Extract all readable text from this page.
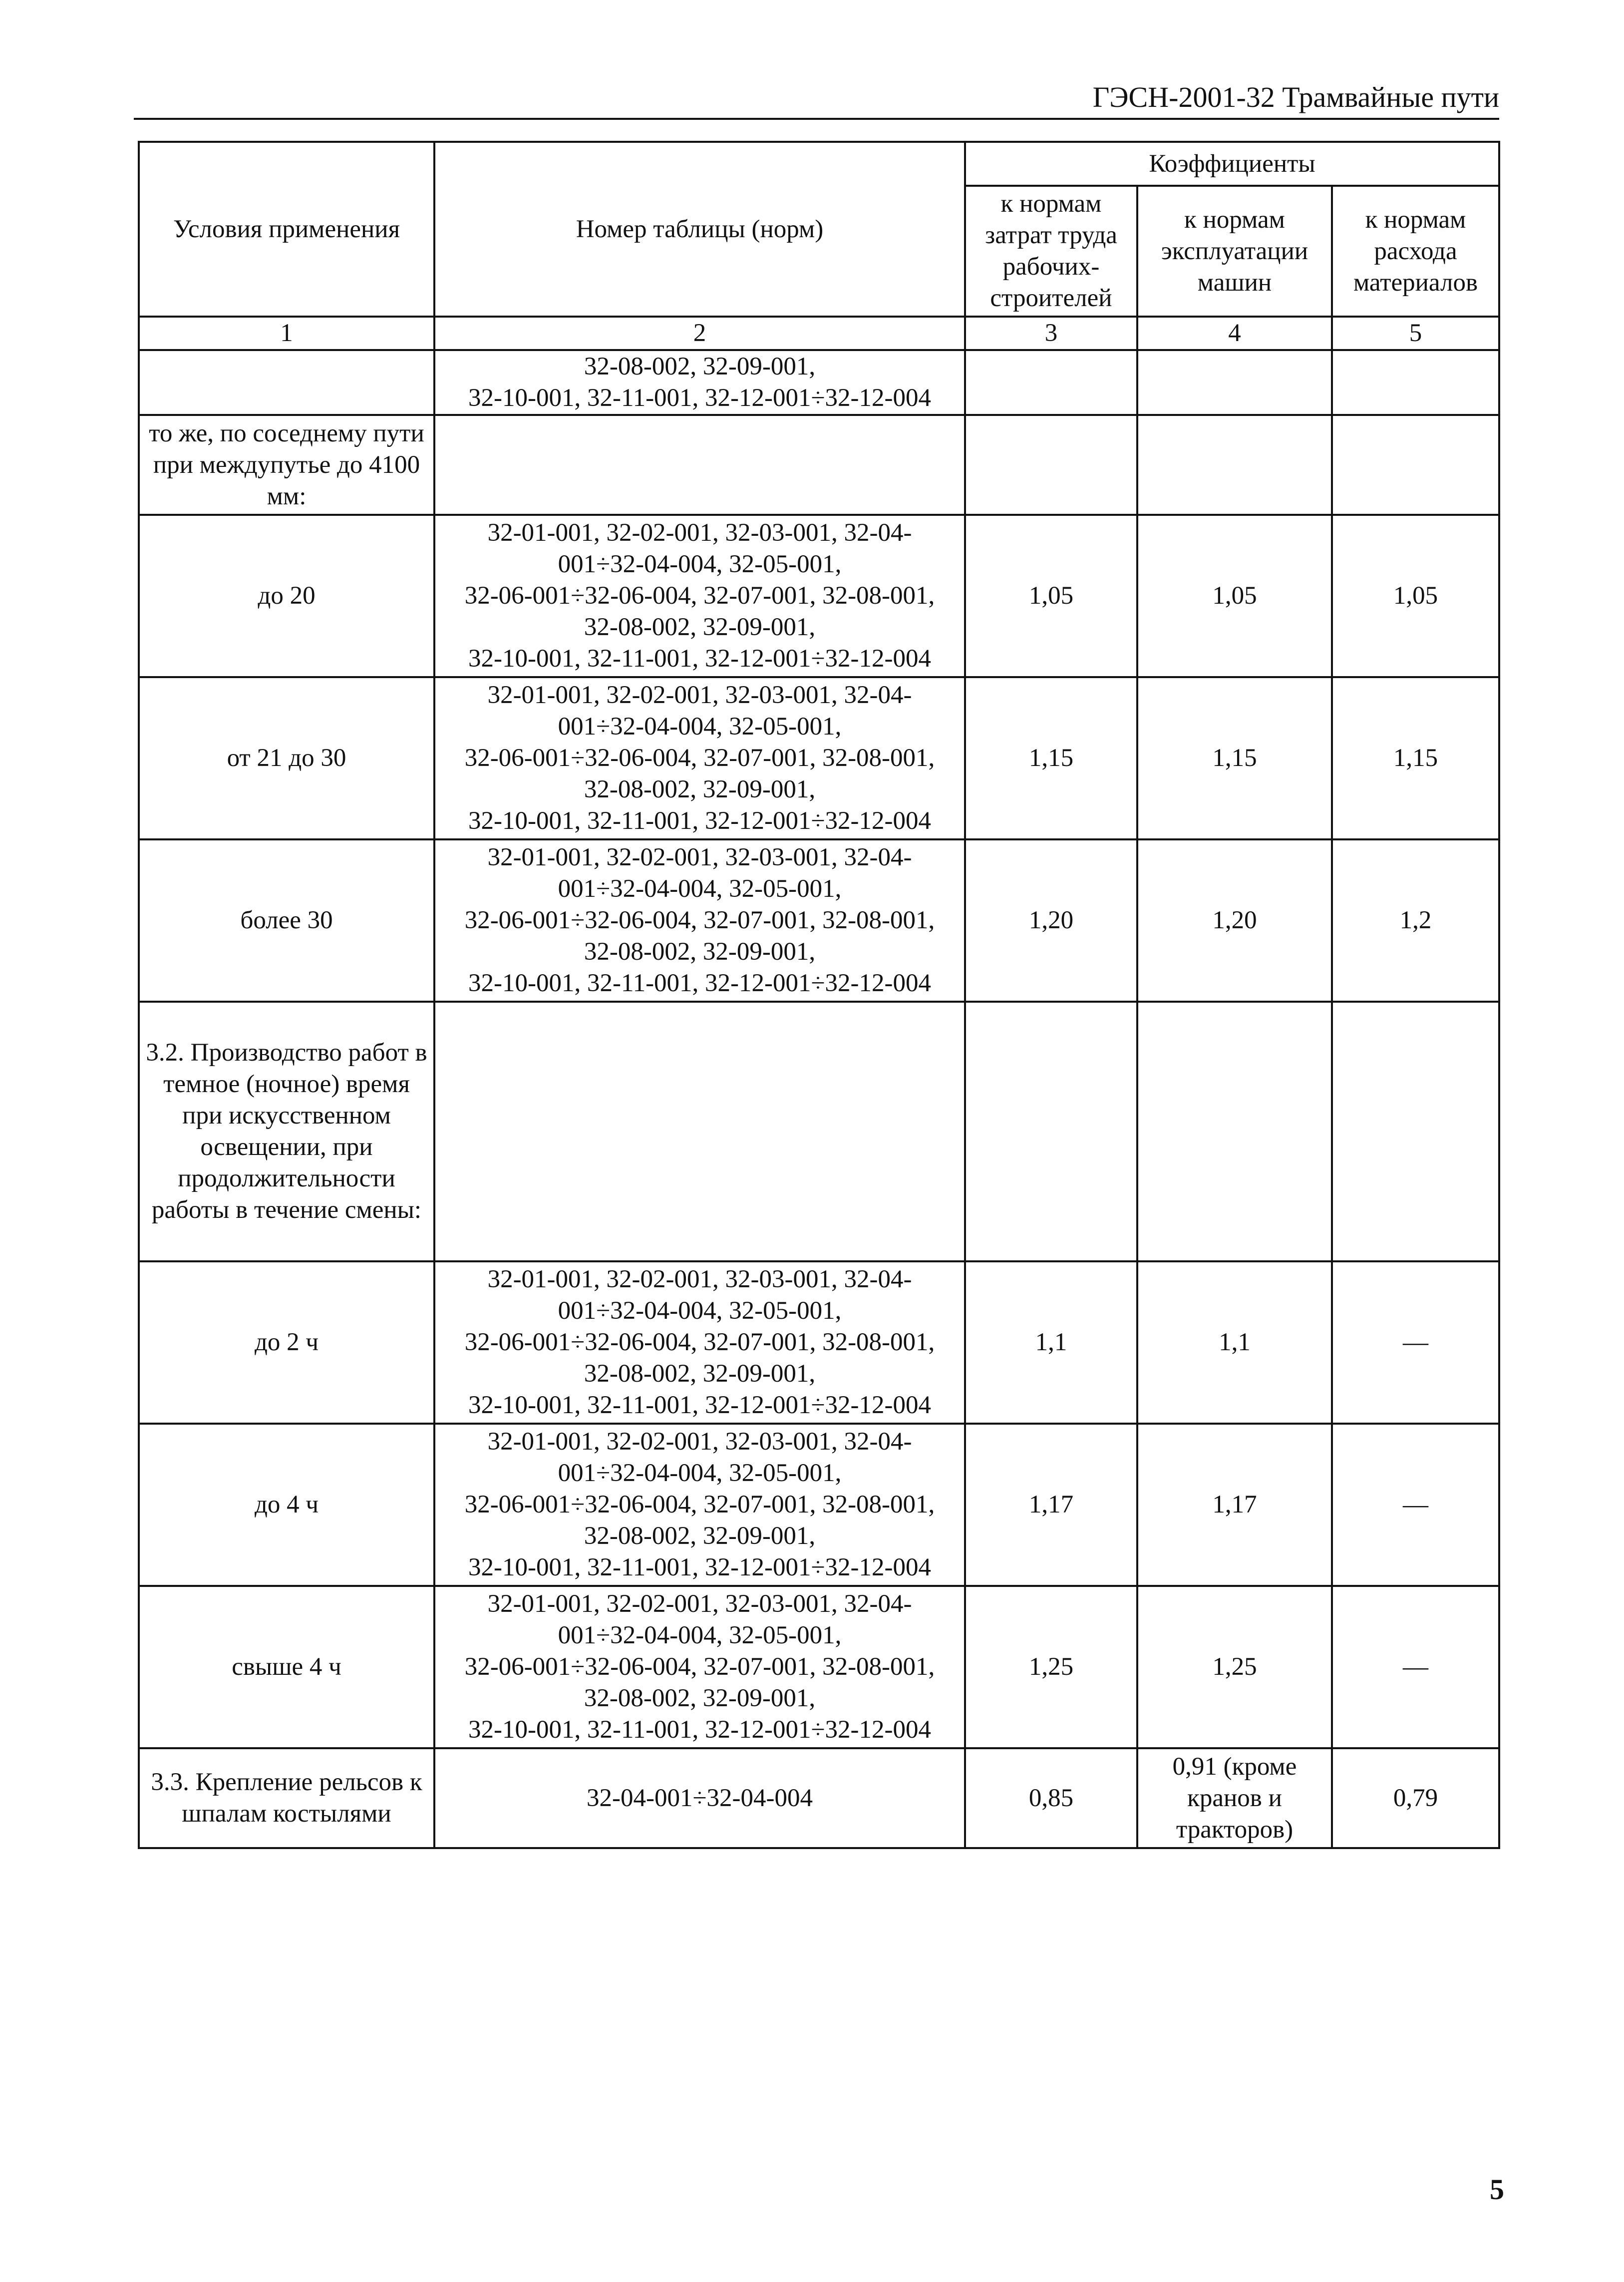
ГЭСН-2001-32 Трамвайные пути
Условия применения	Номер таблицы (норм)	Коэффициенты		
		к нормам затрат труда рабочих-строителей	к нормам эксплуатации машин	к нормам расхода материалов
1	2	3	4	5
	32-08-002, 32-09-001,
32-10-001, 32-11-001, 32-12-001÷32-12-004			
то же, по соседнему пути при междупутье до 4100 мм:				
до 20	32-01-001, 32-02-001, 32-03-001, 32-04-
001÷32-04-004, 32-05-001,
32-06-001÷32-06-004, 32-07-001, 32-08-001,
32-08-002, 32-09-001,
32-10-001, 32-11-001, 32-12-001÷32-12-004	1,05	1,05	1,05
от 21 до 30	32-01-001, 32-02-001, 32-03-001, 32-04-
001÷32-04-004, 32-05-001,
32-06-001÷32-06-004, 32-07-001, 32-08-001,
32-08-002, 32-09-001,
32-10-001, 32-11-001, 32-12-001÷32-12-004	1,15	1,15	1,15
более 30	32-01-001, 32-02-001, 32-03-001, 32-04-
001÷32-04-004, 32-05-001,
32-06-001÷32-06-004, 32-07-001, 32-08-001,
32-08-002, 32-09-001,
32-10-001, 32-11-001, 32-12-001÷32-12-004	1,20	1,20	1,2
3.2. Производство работ в темное (ночное) время при искусственном освещении, при продолжительности работы в течение смены:				
до 2 ч	32-01-001, 32-02-001, 32-03-001, 32-04-
001÷32-04-004, 32-05-001,
32-06-001÷32-06-004, 32-07-001, 32-08-001,
32-08-002, 32-09-001,
32-10-001, 32-11-001, 32-12-001÷32-12-004	1,1	1,1	—
до 4 ч	32-01-001, 32-02-001, 32-03-001, 32-04-
001÷32-04-004, 32-05-001,
32-06-001÷32-06-004, 32-07-001, 32-08-001,
32-08-002, 32-09-001,
32-10-001, 32-11-001, 32-12-001÷32-12-004	1,17	1,17	—
свыше 4 ч	32-01-001, 32-02-001, 32-03-001, 32-04-
001÷32-04-004, 32-05-001,
32-06-001÷32-06-004, 32-07-001, 32-08-001,
32-08-002, 32-09-001,
32-10-001, 32-11-001, 32-12-001÷32-12-004	1,25	1,25	—
3.3. Крепление рельсов к шпалам костылями	32-04-001÷32-04-004	0,85	0,91 (кроме кранов и тракторов)	0,79
5
